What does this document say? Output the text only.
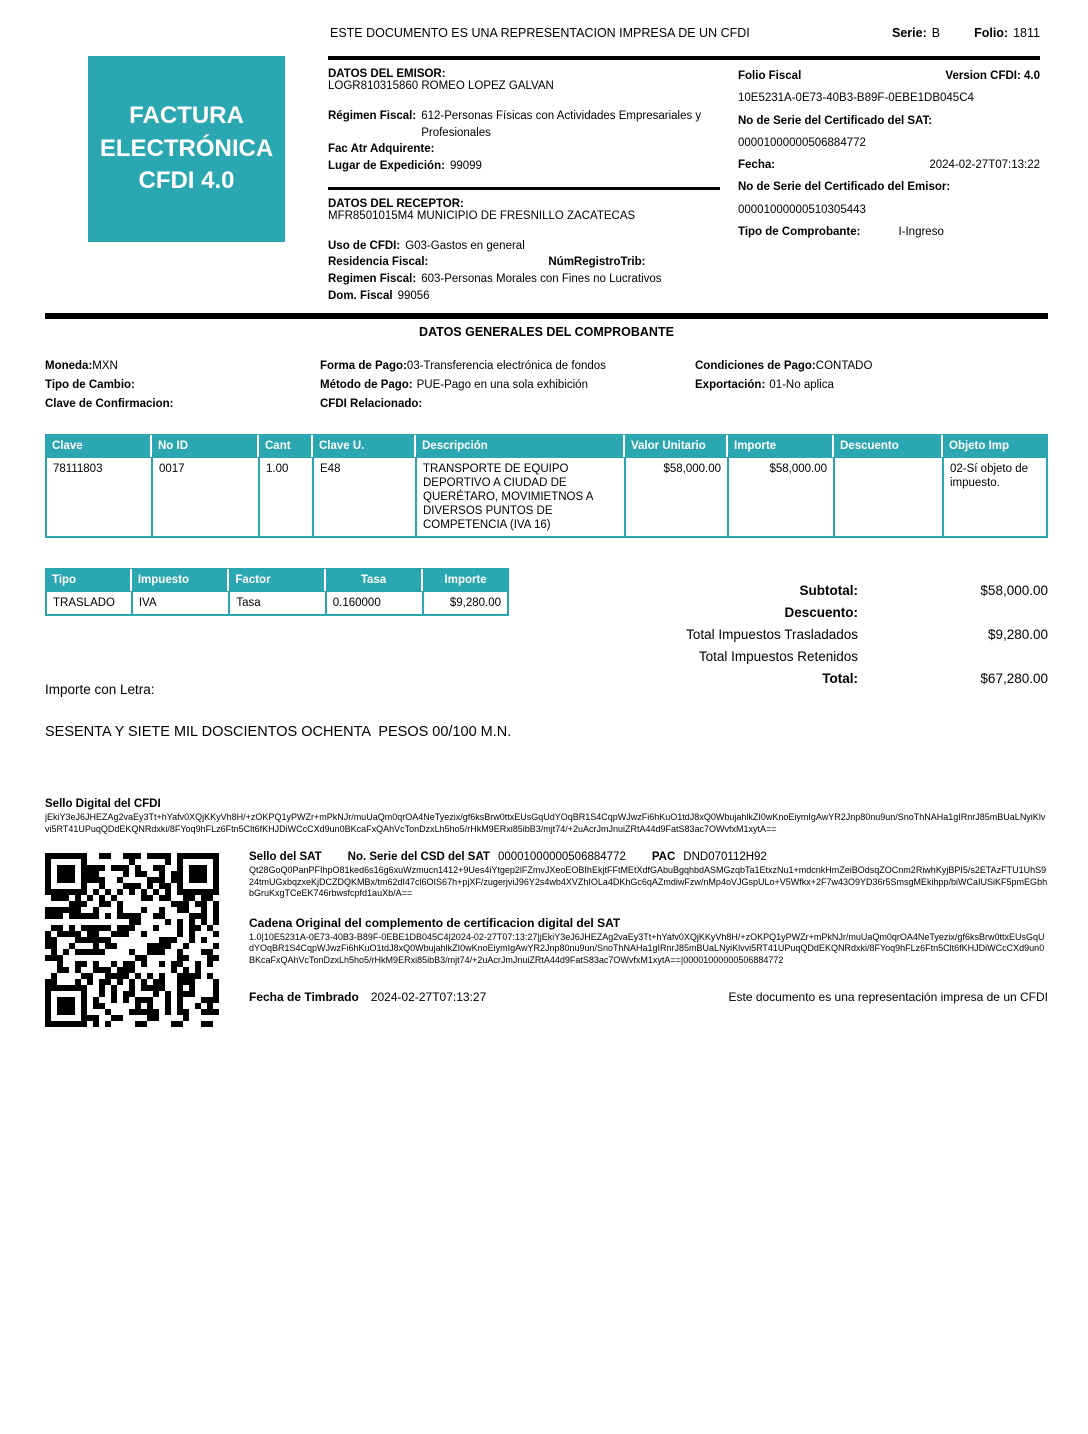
ESTE DOCUMENTO ES UNA REPRESENTACION IMPRESA DE UN CFDI	Serie: B	Folio: 1811
FACTURA
ELECTRÓNICA
CFDI 4.0
DATOS DEL EMISOR:
LOGR810315860 ROMEO LOPEZ GALVAN
Régimen Fiscal: 612-Personas Físicas con Actividades Empresariales y Profesionales
Fac Atr Adquirente:
Lugar de Expedición: 99099
DATOS DEL RECEPTOR:
MFR8501015M4 MUNICIPIO DE FRESNILLO ZACATECAS
Uso de CFDI: G03-Gastos en general
Residencia Fiscal:	NúmRegistroTrib:
Regimen Fiscal: 603-Personas Morales con Fines no Lucrativos
Dom. Fiscal 99056
Folio Fiscal	Version CFDI: 4.0
10E5231A-0E73-40B3-B89F-0EBE1DB045C4
No de Serie del Certificado del SAT:
00001000000506884772
Fecha:	2024-02-27T07:13:22
No de Serie del Certificado del Emisor:
00001000000510305443
Tipo de Comprobante:	I-Ingreso
DATOS GENERALES DEL COMPROBANTE
Moneda:MXN
Tipo de Cambio:
Clave de Confirmacion:
Forma de Pago:03-Transferencia electrónica de fondos
Método de Pago: PUE-Pago en una sola exhibición
CFDI Relacionado:
Condiciones de Pago:CONTADO
Exportación: 01-No aplica
Clave	No ID	Cant	Clave U.	Descripción	Valor Unitario	Importe	Descuento	Objeto Imp
78111803	0017	1.00	E48	TRANSPORTE DE EQUIPO DEPORTIVO A CIUDAD DE QUERÉTARO, MOVIMIETNOS A DIVERSOS PUNTOS DE COMPETENCIA (IVA 16)	$58,000.00	$58,000.00		02-Sí objeto de impuesto.
Tipo	Impuesto	Factor	Tasa	Importe
TRASLADO	IVA	Tasa	0.160000	$9,280.00
Importe con Letra:
SESENTA Y SIETE MIL DOSCIENTOS OCHENTA  PESOS 00/100 M.N.
Subtotal:	$58,000.00
Descuento:
Total Impuestos Trasladados	$9,280.00
Total Impuestos Retenidos
Total:	$67,280.00
Sello Digital del CFDI
jEkiY3eJ6JHEZAg2vaEy3Tt+hYafv0XQjKKyVh8H/+zOKPQ1yPWZr+mPkNJr/muUaQm0qrOA4NeTyezix/gf6ksBrw0ttxEUsGqUdYOqBR1S4CqpWJwzFi6hKuO1tdJ8xQ0WbujahlkZI0wKnoEiymIgAwYR2Jnp80nu9un/SnoThNAHa1gIRnrJ85mBUaLNyiKlvvi5RT41UPuqQDdEKQNRdxki/8FYoq9hFLz6Ftn5Clt6fKHJDiWCcCXd9un0BKcaFxQAhVcTonDzxLh5ho5/rHkM9ERxi85ibB3/mjt74/+2uAcrJmJnuiZRtA44d9FatS83ac7OWvfxM1xytA==
Sello del SAT No. Serie del CSD del SAT 00001000000506884772 PAC DND070112H92
Qt28GoQ0PanPFIhpO81ked6s16g6xuWzmucn1412+9Ues4iYtgep2lFZmvJXeoEOBIhEkjtFFtMEtXdfGAbuBgqhbdASMGzqbTa1EtxzNu1+mdcnkHmZeiBOdsqZOCnm2RiwhKyjBPI5/s2ETAzFTU1UhS924tmUGxbqzxeKjDCZDQKMBx/tm62dI47cl6OIS67h+pjXF/zugerjviJ96Y2s4wb4XVZhIOLa4DKhGc6qAZmdiwFzw/nMp4oVJGspULo+V5Wfkx+2F7w43O9YD36r5SmsgMEkihpp/biWCaIUSiKF5pmEGbhbGruKxgTCeEK746rbwsfcpfd1auXb/A==
Cadena Original del complemento de certificacion digital del SAT
1.0|10E5231A-0E73-40B3-B89F-0EBE1DB045C4|2024-02-27T07:13:27|jEkiY3eJ6JHEZAg2vaEy3Tt+hYafv0XQjKKyVh8H/+zOKPQ1yPWZr+mPkNJr/muUaQm0qrOA4NeTyezix/gf6ksBrw0ttxEUsGqUdYOqBR1S4CqpWJwzFi6hKuO1tdJ8xQ0WbujahlkZI0wKnoEiymIgAwYR2Jnp80nu9un/SnoThNAHa1gIRnrJ85mBUaLNyiKlvvi5RT41UPuqQDdEKQNRdxki/8FYoq9hFLz6Ftn5Clt6fKHJDiWCcCXd9un0BKcaFxQAhVcTonDzxLh5ho5/rHkM9ERxi85ibB3/mjt74/+2uAcrJmJnuiZRtA44d9FatS83ac7OWvfxM1xytA==|00001000000506884772
Fecha de Timbrado 2024-02-27T07:13:27	Este documento es una representación impresa de un CFDI
